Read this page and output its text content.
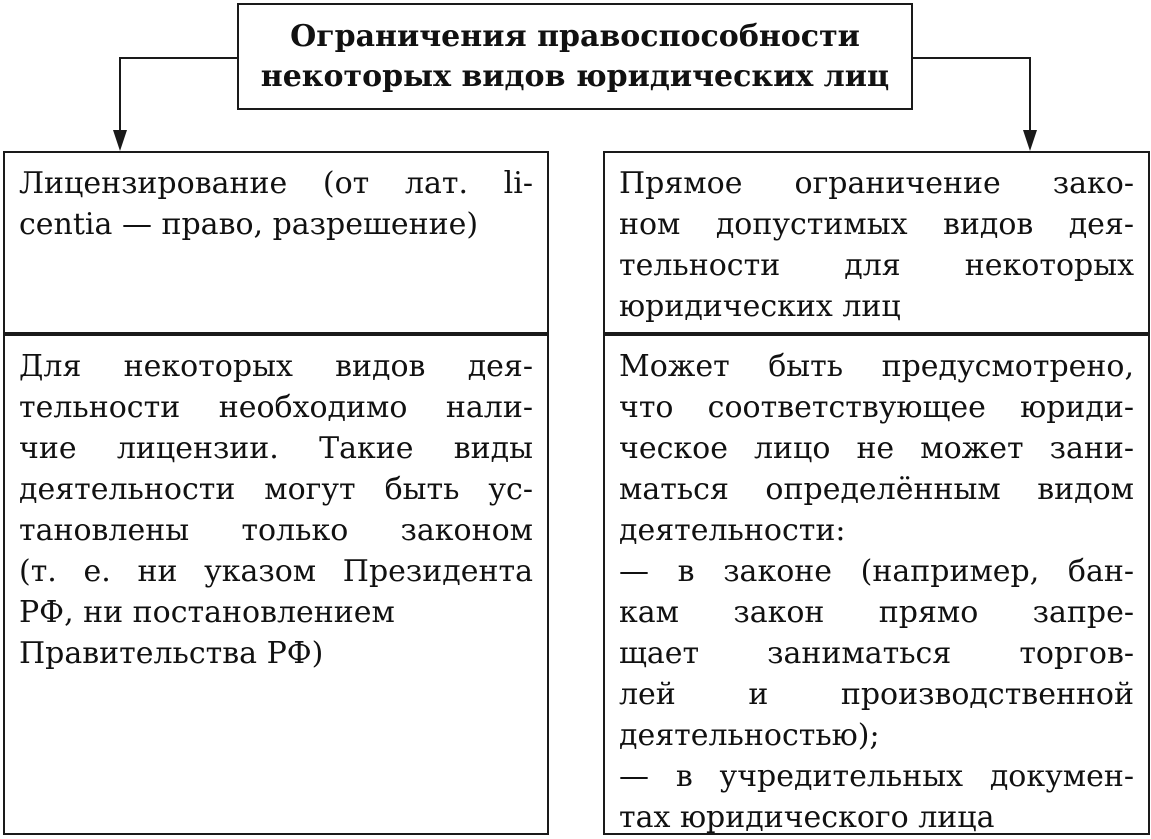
Ограничения правоспособности
некоторых видов юридических лиц
Лицензирование (от лат. li-
centia — право, разрешение)
Для некоторых видов дея-
тельности необходимо нали-
чие лицензии. Такие виды
деятельности могут быть ус-
тановлены только законом
(т. е. ни указом Президента
РФ, ни постановлением
Правительства РФ)
Прямое ограничение зако-
ном допустимых видов дея-
тельности для некоторых
юридических лиц
Может быть предусмотрено,
что соответствующее юриди-
ческое лицо не может зани-
маться определённым видом
деятельности:
— в законе (например, бан-
кам закон прямо запре-
щает заниматься торгов-
лей и производственной
деятельностью);
— в учредительных докумен-
тах юридического лица
